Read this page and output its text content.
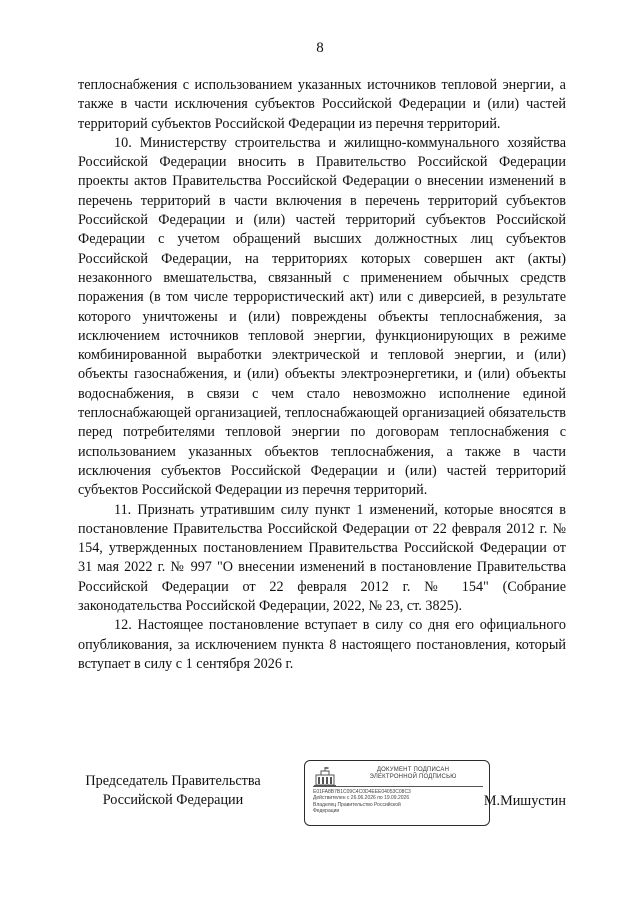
8

теплоснабжения с использованием указанных источников тепловой энергии, а также в части исключения субъектов Российской Федерации и (или) частей территорий субъектов Российской Федерации из перечня территорий.

10. Министерству строительства и жилищно-коммунального хозяйства Российской Федерации вносить в Правительство Российской Федерации проекты актов Правительства Российской Федерации о внесении изменений в перечень территорий в части включения в перечень территорий субъектов Российской Федерации и (или) частей территорий субъектов Российской Федерации с учетом обращений высших должностных лиц субъектов Российской Федерации, на территориях которых совершен акт (акты) незаконного вмешательства, связанный с применением обычных средств поражения (в том числе террористический акт) или с диверсией, в результате которого уничтожены и (или) повреждены объекты теплоснабжения, за исключением источников тепловой энергии, функционирующих в режиме комбинированной выработки электрической и тепловой энергии, и (или) объекты газоснабжения, и (или) объекты электроэнергетики, и (или) объекты водоснабжения, в связи с чем стало невозможно исполнение единой теплоснабжающей организацией, теплоснабжающей организацией обязательств перед потребителями тепловой энергии по договорам теплоснабжения с использованием указанных объектов теплоснабжения, а также в части исключения субъектов Российской Федерации и (или) частей территорий субъектов Российской Федерации из перечня территорий.

11. Признать утратившим силу пункт 1 изменений, которые вносятся в постановление Правительства Российской Федерации от 22 февраля 2012 г. № 154, утвержденных постановлением Правительства Российской Федерации от 31 мая 2022 г. № 997 "О внесении изменений в постановление Правительства Российской Федерации от 22 февраля 2012 г. № 154" (Собрание законодательства Российской Федерации, 2022, № 23, ст. 3825).

12. Настоящее постановление вступает в силу со дня его официального опубликования, за исключением пункта 8 настоящего постановления, который вступает в силу с 1 сентября 2026 г.

Председатель Правительства
Российской Федерации
ДОКУМЕНТ ПОДПИСАН
ЭЛЕКТРОННОЙ ПОДПИСЬЮ
E01FA8B7B1C09C4C0D4EEE04053C08C3
Действителен с 26.06.2026 по 19.09.2026
Владелец Правительство Российской
Федерации
М.Мишустин
